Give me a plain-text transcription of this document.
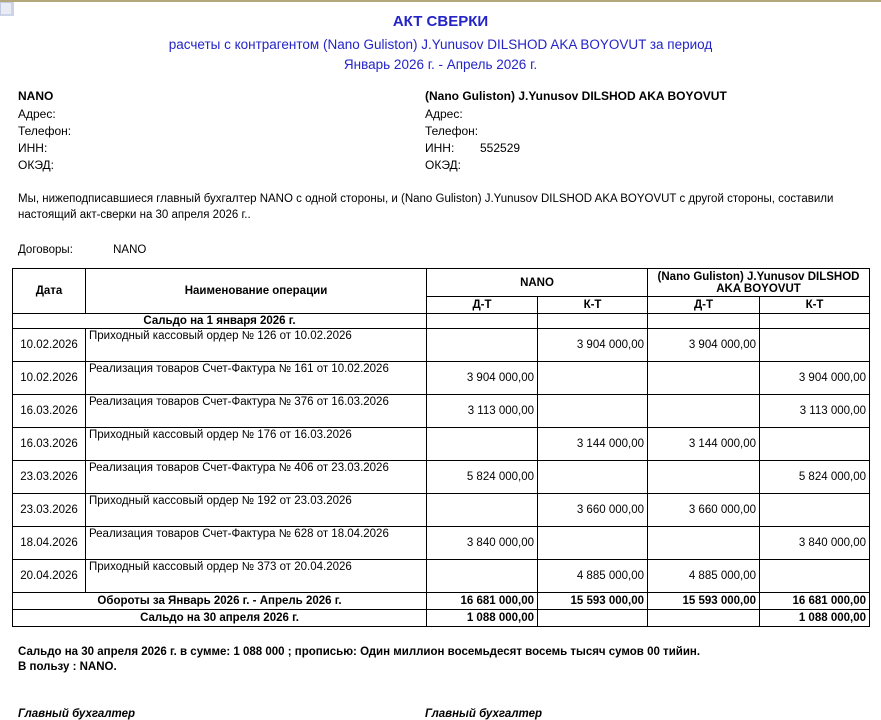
АКТ СВЕРКИ
расчеты с контрагентом (Nano Guliston) J.Yunusov DILSHOD AKA BOYOVUT за период
Январь 2026 г. - Апрель 2026 г.
NANO
Адрес:
Телефон:
ИНН:
ОКЭД:
(Nano Guliston) J.Yunusov DILSHOD AKA BOYOVUT
Адрес:
Телефон:
ИНН:	552529
ОКЭД:
Мы, нижеподписавшиеся главный бухгалтер NANO с одной стороны, и (Nano Guliston) J.Yunusov DILSHOD AKA BOYOVUT с другой стороны, составили настоящий акт-сверки на 30 апреля 2026 г..
Договоры:	NANO
Дата	Наименование операции	NANO		(Nano Guliston) J.Yunusov DILSHOD AKA BOYOVUT	
		Д-Т	К-Т	Д-Т	К-Т
Сальдо на 1 января 2026 г.					
10.02.2026	Приходный кассовый ордер № 126 от 10.02.2026		3 904 000,00	3 904 000,00	
10.02.2026	Реализация товаров Счет-Фактура № 161 от 10.02.2026	3 904 000,00			3 904 000,00
16.03.2026	Реализация товаров Счет-Фактура № 376 от 16.03.2026	3 113 000,00			3 113 000,00
16.03.2026	Приходный кассовый ордер № 176 от 16.03.2026		3 144 000,00	3 144 000,00	
23.03.2026	Реализация товаров Счет-Фактура № 406 от 23.03.2026	5 824 000,00			5 824 000,00
23.03.2026	Приходный кассовый ордер № 192 от 23.03.2026		3 660 000,00	3 660 000,00	
18.04.2026	Реализация товаров Счет-Фактура № 628 от 18.04.2026	3 840 000,00			3 840 000,00
20.04.2026	Приходный кассовый ордер № 373 от 20.04.2026		4 885 000,00	4 885 000,00	
Обороты за Январь 2026 г. - Апрель 2026 г.		16 681 000,00	15 593 000,00	15 593 000,00	16 681 000,00
Сальдо на 30 апреля 2026 г.		1 088 000,00			1 088 000,00
Сальдо на 30 апреля 2026 г. в сумме: 1 088 000 ; прописью: Один миллион восемьдесят восемь тысяч сумов 00 тийин.
В пользу : NANO.
Главный бухгалтер	Главный бухгалтер
